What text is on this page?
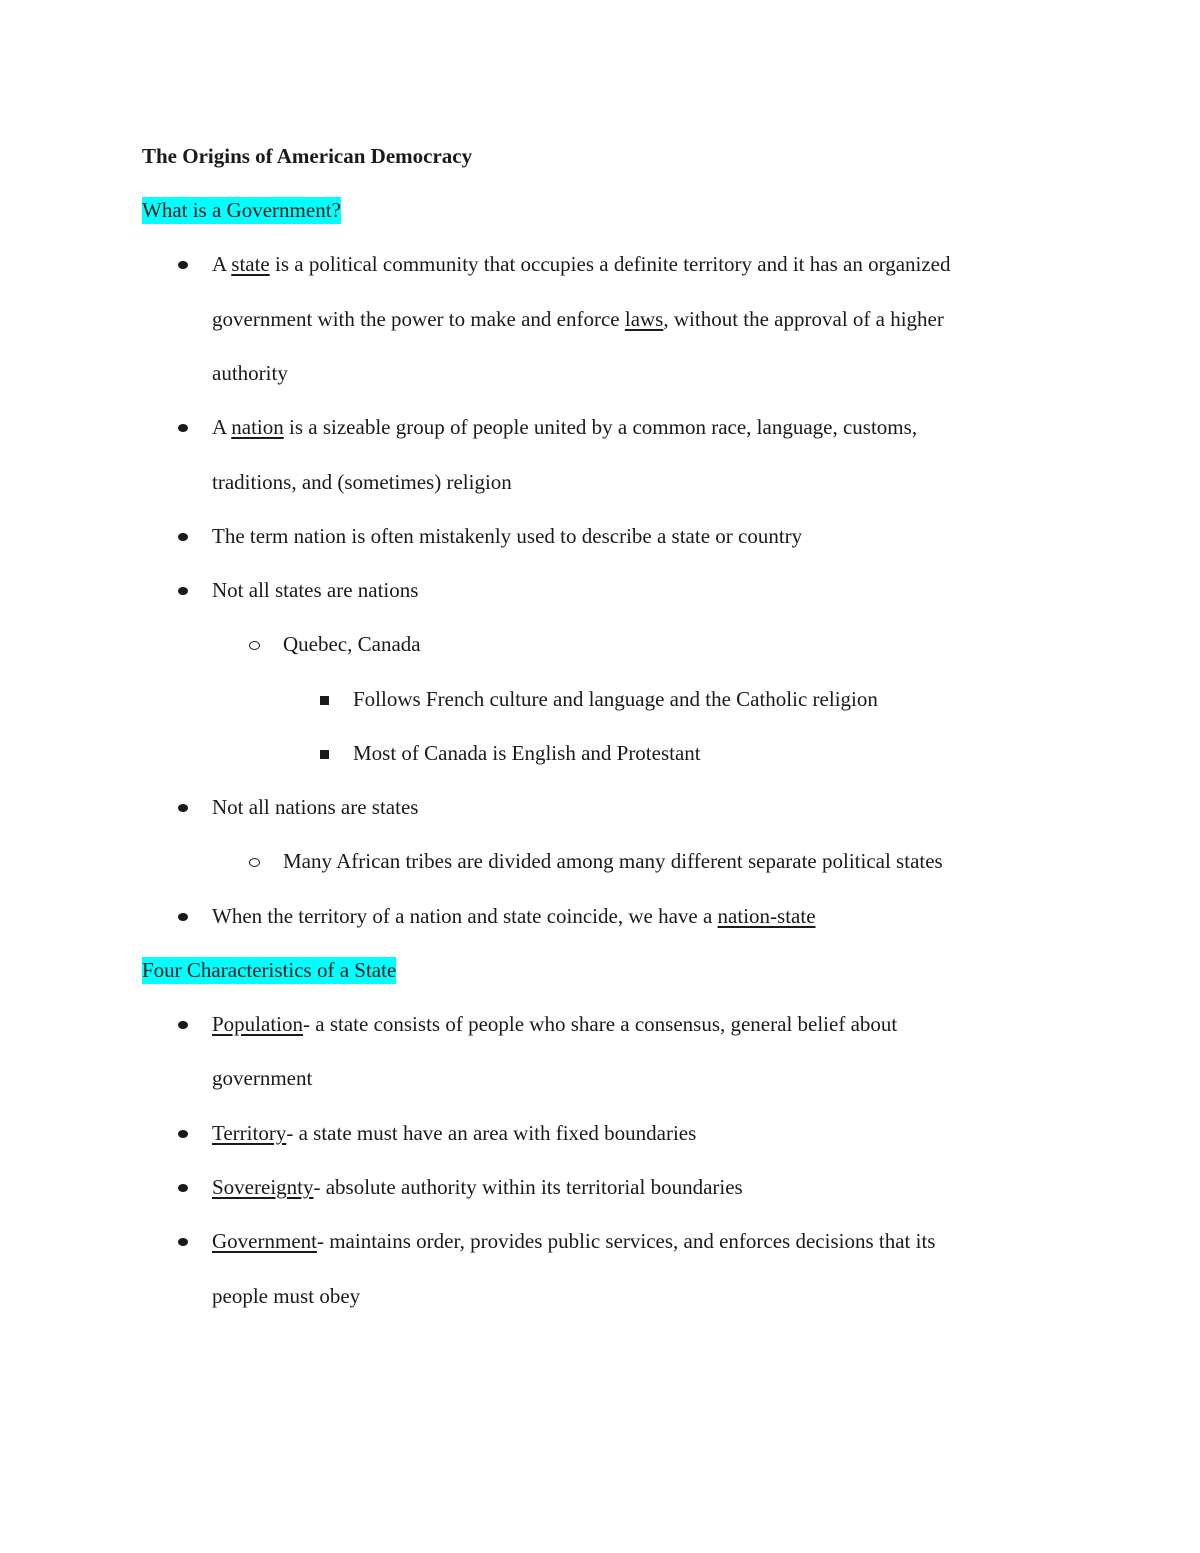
The Origins of American Democracy
What is a Government?
A state is a political community that occupies a definite territory and it has an organized
government with the power to make and enforce laws, without the approval of a higher
authority
A nation is a sizeable group of people united by a common race, language, customs,
traditions, and (sometimes) religion
The term nation is often mistakenly used to describe a state or country
Not all states are nations
Quebec, Canada
Follows French culture and language and the Catholic religion
Most of Canada is English and Protestant
Not all nations are states
Many African tribes are divided among many different separate political states
When the territory of a nation and state coincide, we have a nation-state
Four Characteristics of a State
Population- a state consists of people who share a consensus, general belief about
government
Territory- a state must have an area with fixed boundaries
Sovereignty- absolute authority within its territorial boundaries
Government- maintains order, provides public services, and enforces decisions that its
people must obey
